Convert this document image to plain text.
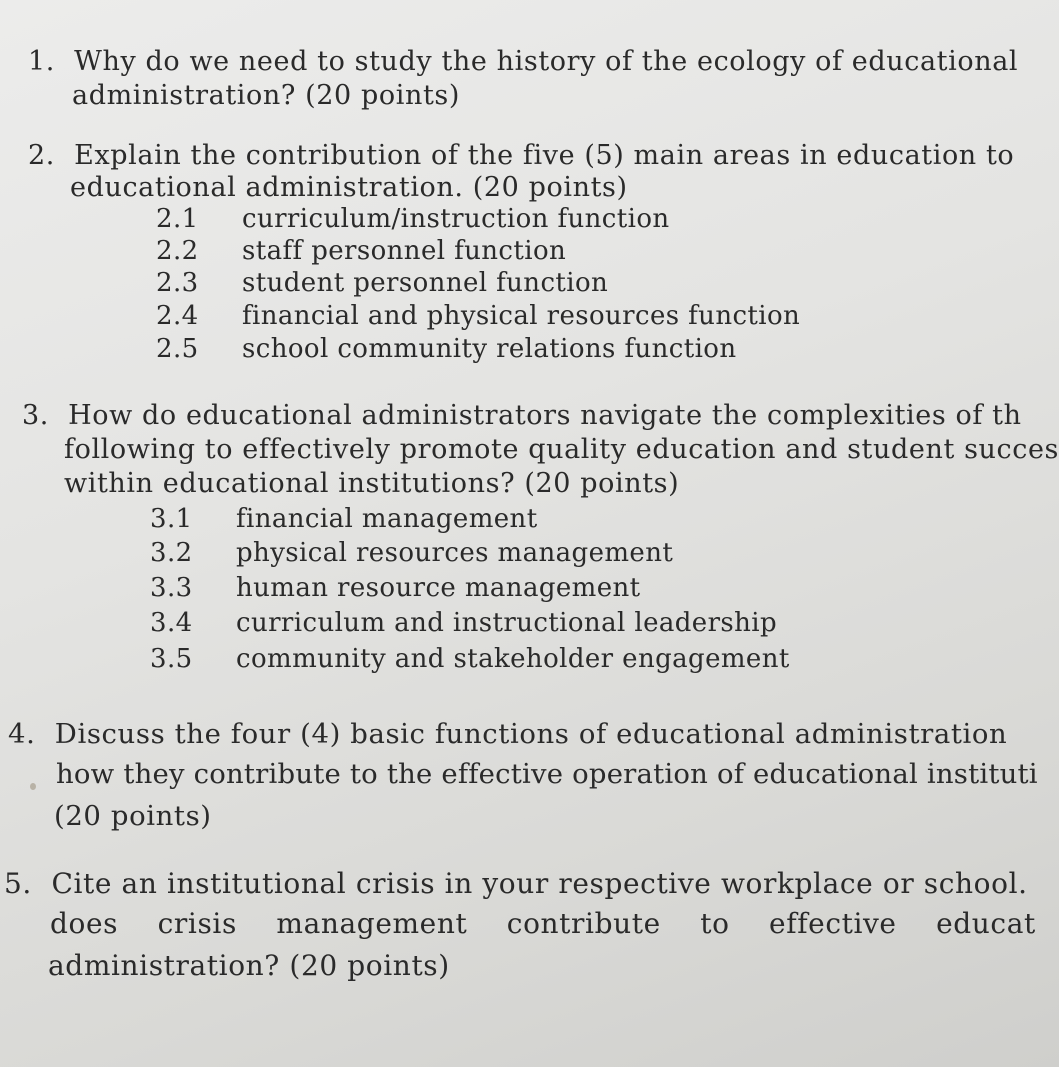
1. Why do we need to study the history of the ecology of educational
administration? (20 points)
2. Explain the contribution of the five (5) main areas in education to
educational administration. (20 points)
2.1 curriculum/instruction function
2.2 staff personnel function
2.3 student personnel function
2.4 financial and physical resources function
2.5 school community relations function
3. How do educational administrators navigate the complexities of th
following to effectively promote quality education and student succes
within educational institutions? (20 points)
3.1 financial management
3.2 physical resources management
3.3 human resource management
3.4 curriculum and instructional leadership
3.5 community and stakeholder engagement
4. Discuss the four (4) basic functions of educational administration
how they contribute to the effective operation of educational instituti
(20 points)
5. Cite an institutional crisis in your respective workplace or school.
does crisis management contribute to effective educat
administration? (20 points)
